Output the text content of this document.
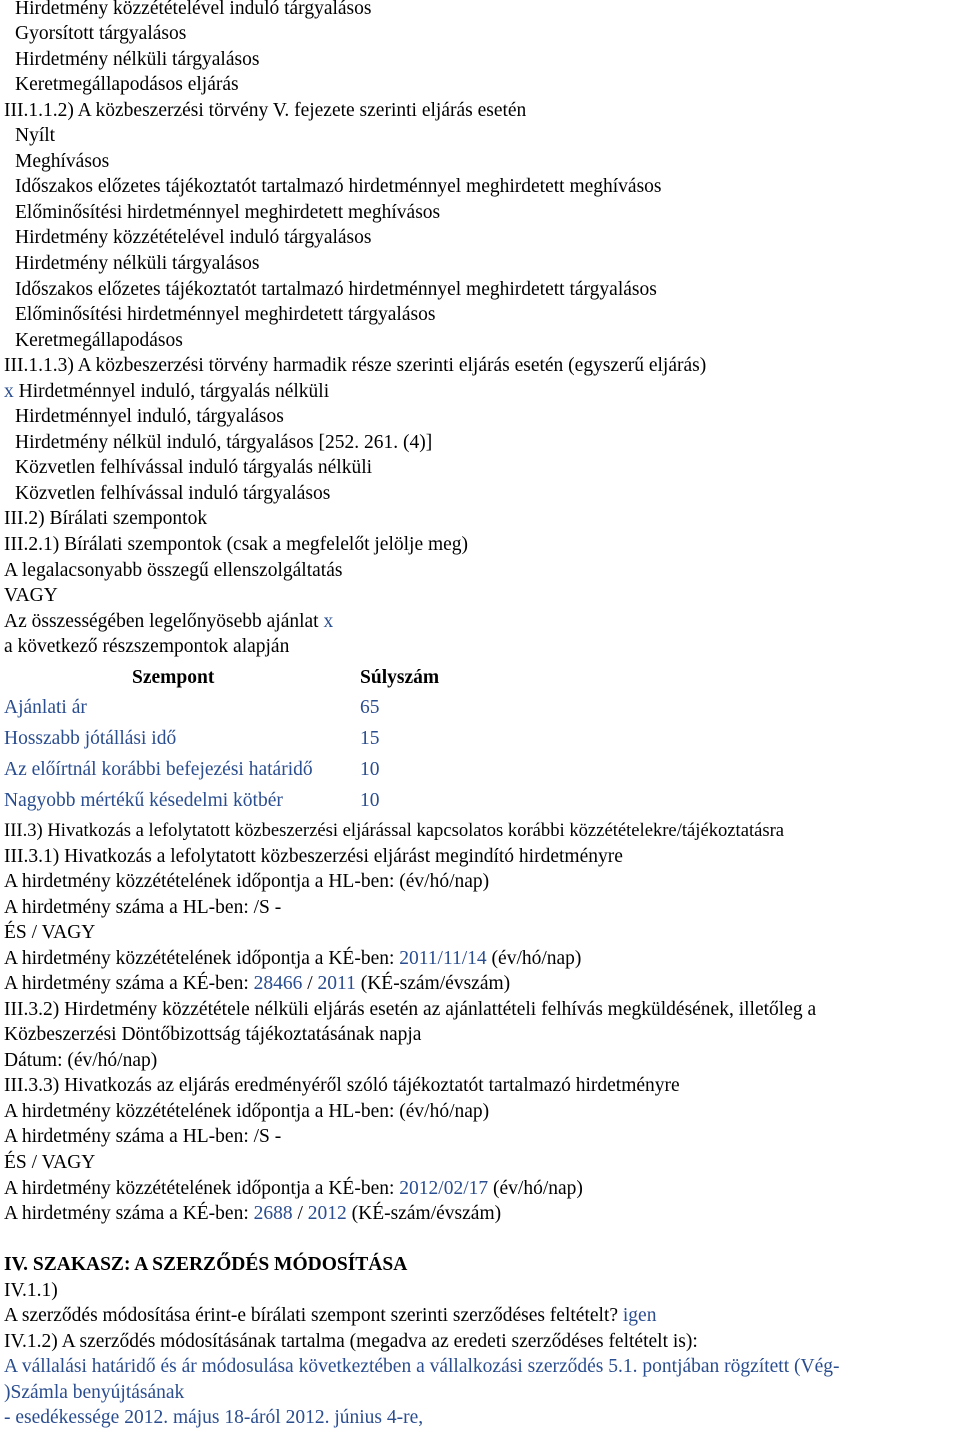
Hirdetmény közzétételével induló tárgyalásos
Gyorsított tárgyalásos
Hirdetmény nélküli tárgyalásos
Keretmegállapodásos eljárás
III.1.1.2) A közbeszerzési törvény V. fejezete szerinti eljárás esetén
Nyílt
Meghívásos
Időszakos előzetes tájékoztatót tartalmazó hirdetménnyel meghirdetett meghívásos
Előminősítési hirdetménnyel meghirdetett meghívásos
Hirdetmény közzétételével induló tárgyalásos
Hirdetmény nélküli tárgyalásos
Időszakos előzetes tájékoztatót tartalmazó hirdetménnyel meghirdetett tárgyalásos
Előminősítési hirdetménnyel meghirdetett tárgyalásos
Keretmegállapodásos
III.1.1.3) A közbeszerzési törvény harmadik része szerinti eljárás esetén (egyszerű eljárás)
x Hirdetménnyel induló, tárgyalás nélküli
Hirdetménnyel induló, tárgyalásos
Hirdetmény nélkül induló, tárgyalásos [252. 261. (4)]
Közvetlen felhívással induló tárgyalás nélküli
Közvetlen felhívással induló tárgyalásos
III.2) Bírálati szempontok
III.2.1) Bírálati szempontok (csak a megfelelőt jelölje meg)
A legalacsonyabb összegű ellenszolgáltatás
VAGY
Az összességében legelőnyösebb ajánlat x
a következő részszempontok alapján
Szempont	Súlyszám
Ajánlati ár	65
Hosszabb jótállási idő	15
Az előírtnál korábbi befejezési határidő 10
Nagyobb mértékű késedelmi kötbér	10
III.3) Hivatkozás a lefolytatott közbeszerzési eljárással kapcsolatos korábbi közzétételekre/tájékoztatásra
III.3.1) Hivatkozás a lefolytatott közbeszerzési eljárást megindító hirdetményre
A hirdetmény közzétételének időpontja a HL-ben: (év/hó/nap)
A hirdetmény száma a HL-ben: /S -
ÉS / VAGY
A hirdetmény közzétételének időpontja a KÉ-ben: 2011/11/14 (év/hó/nap)
A hirdetmény száma a KÉ-ben: 28466 / 2011 (KÉ-szám/évszám)
III.3.2) Hirdetmény közzététele nélküli eljárás esetén az ajánlattételi felhívás megküldésének, illetőleg a
Közbeszerzési Döntőbizottság tájékoztatásának napja
Dátum: (év/hó/nap)
III.3.3) Hivatkozás az eljárás eredményéről szóló tájékoztatót tartalmazó hirdetményre
A hirdetmény közzétételének időpontja a HL-ben: (év/hó/nap)
A hirdetmény száma a HL-ben: /S -
ÉS / VAGY
A hirdetmény közzétételének időpontja a KÉ-ben: 2012/02/17 (év/hó/nap)
A hirdetmény száma a KÉ-ben: 2688 / 2012 (KÉ-szám/évszám)
IV. SZAKASZ: A SZERZŐDÉS MÓDOSÍTÁSA
IV.1.1)
A szerződés módosítása érint-e bírálati szempont szerinti szerződéses feltételt? igen
IV.1.2) A szerződés módosításának tartalma (megadva az eredeti szerződéses feltételt is):
A vállalási határidő és ár módosulása következtében a vállalkozási szerződés 5.1. pontjában rögzített (Vég-
)Számla benyújtásának
- esedékessége 2012. május 18-áról 2012. június 4-re,
